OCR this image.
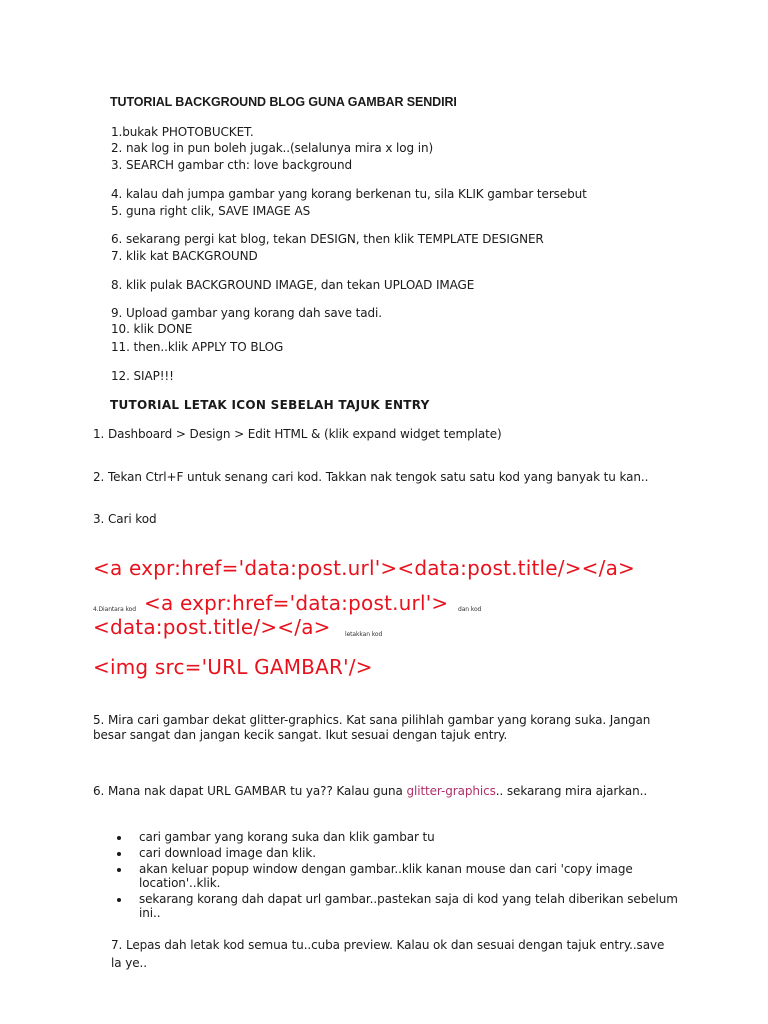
TUTORIAL BACKGROUND BLOG GUNA GAMBAR SENDIRI
1.bukak PHOTOBUCKET.
2. nak log in pun boleh jugak..(selalunya mira x log in)
3. SEARCH gambar cth: love background
4. kalau dah jumpa gambar yang korang berkenan tu, sila KLIK gambar tersebut
5. guna right clik, SAVE IMAGE AS
6. sekarang pergi kat blog, tekan DESIGN, then klik TEMPLATE DESIGNER
7. klik kat BACKGROUND
8. klik pulak BACKGROUND IMAGE, dan tekan UPLOAD IMAGE
9. Upload gambar yang korang dah save tadi.
10. klik DONE
11. then..klik APPLY TO BLOG
12. SIAP!!!
TUTORIAL LETAK ICON SEBELAH TAJUK ENTRY
1. Dashboard > Design > Edit HTML & (klik expand widget template)
2. Tekan Ctrl+F untuk senang cari kod. Takkan nak tengok satu satu kod yang banyak tu kan..
3. Cari kod
<a expr:href='data:post.url'><data:post.title/></a>
4.Diantara kod <a expr:href='data:post.url'> dan kod
<data:post.title/></a> letakkan kod
<img src='URL GAMBAR'/>
5. Mira cari gambar dekat glitter-graphics. Kat sana pilihlah gambar yang korang suka. Jangan
besar sangat dan jangan kecik sangat. Ikut sesuai dengan tajuk entry.
6. Mana nak dapat URL GAMBAR tu ya?? Kalau guna glitter-graphics.. sekarang mira ajarkan..
cari gambar yang korang suka dan klik gambar tu
cari download image dan klik.
akan keluar popup window dengan gambar..klik kanan mouse dan cari 'copy image
location'..klik.
sekarang korang dah dapat url gambar..pastekan saja di kod yang telah diberikan sebelum
ini..
7. Lepas dah letak kod semua tu..cuba preview. Kalau ok dan sesuai dengan tajuk entry..save
la ye..
